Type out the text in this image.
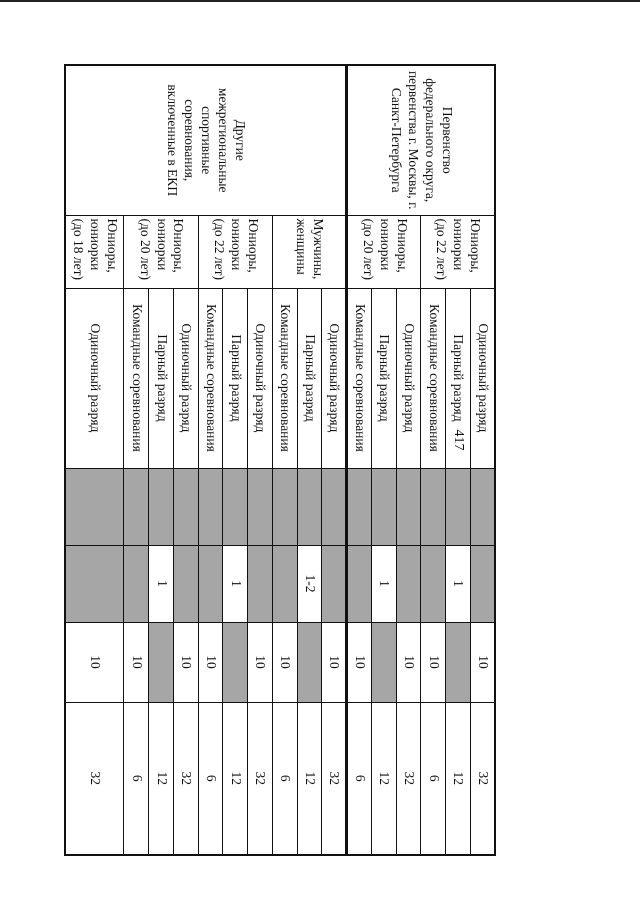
417
Первенство федерального округа, первенства г. Москвы, г. Санкт-Петербурга	Юниоры, юниорки (до 22 лет)	Одиночный разряд			10	32
		Парный разряд		1		12
		Командные соревнования			10	6
	Юниоры, юниорки (до 20 лет)	Одиночный разряд			10	32
		Парный разряд		1		12
		Командные соревнования			10	6
Другие межрегиональные спортивные соревнования, включенные в ЕКП	Мужчины, женщины	Одиночный разряд			10	32
		Парный разряд		1-2		12
		Командные соревнования			10	6
	Юниоры, юниорки (до 22 лет)	Одиночный разряд			10	32
		Парный разряд		1		12
		Командные соревнования			10	6
	Юниоры, юниорки (до 20 лет)	Одиночный разряд			10	32
		Парный разряд		1		12
		Командные соревнования			10	6
	Юниоры, юниорки (до 18 лет)	Одиночный разряд			10	32
